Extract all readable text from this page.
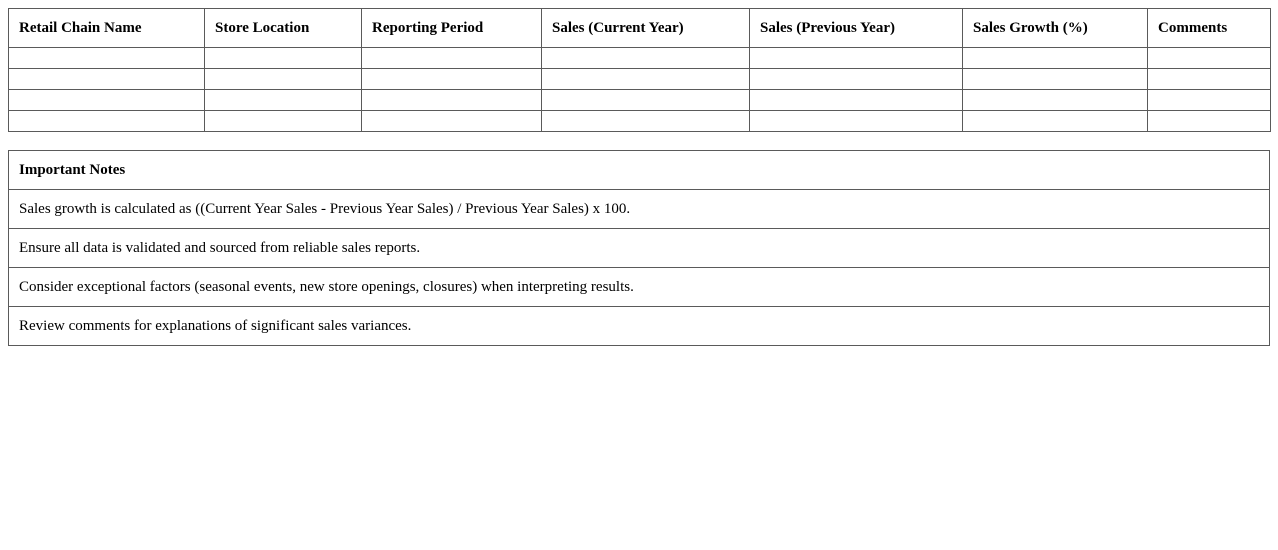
Retail Chain Name	Store Location	Reporting Period	Sales (Current Year)	Sales (Previous Year)	Sales Growth (%)	Comments

Important Notes
Sales growth is calculated as ((Current Year Sales - Previous Year Sales) / Previous Year Sales) x 100.
Ensure all data is validated and sourced from reliable sales reports.
Consider exceptional factors (seasonal events, new store openings, closures) when interpreting results.
Review comments for explanations of significant sales variances.
